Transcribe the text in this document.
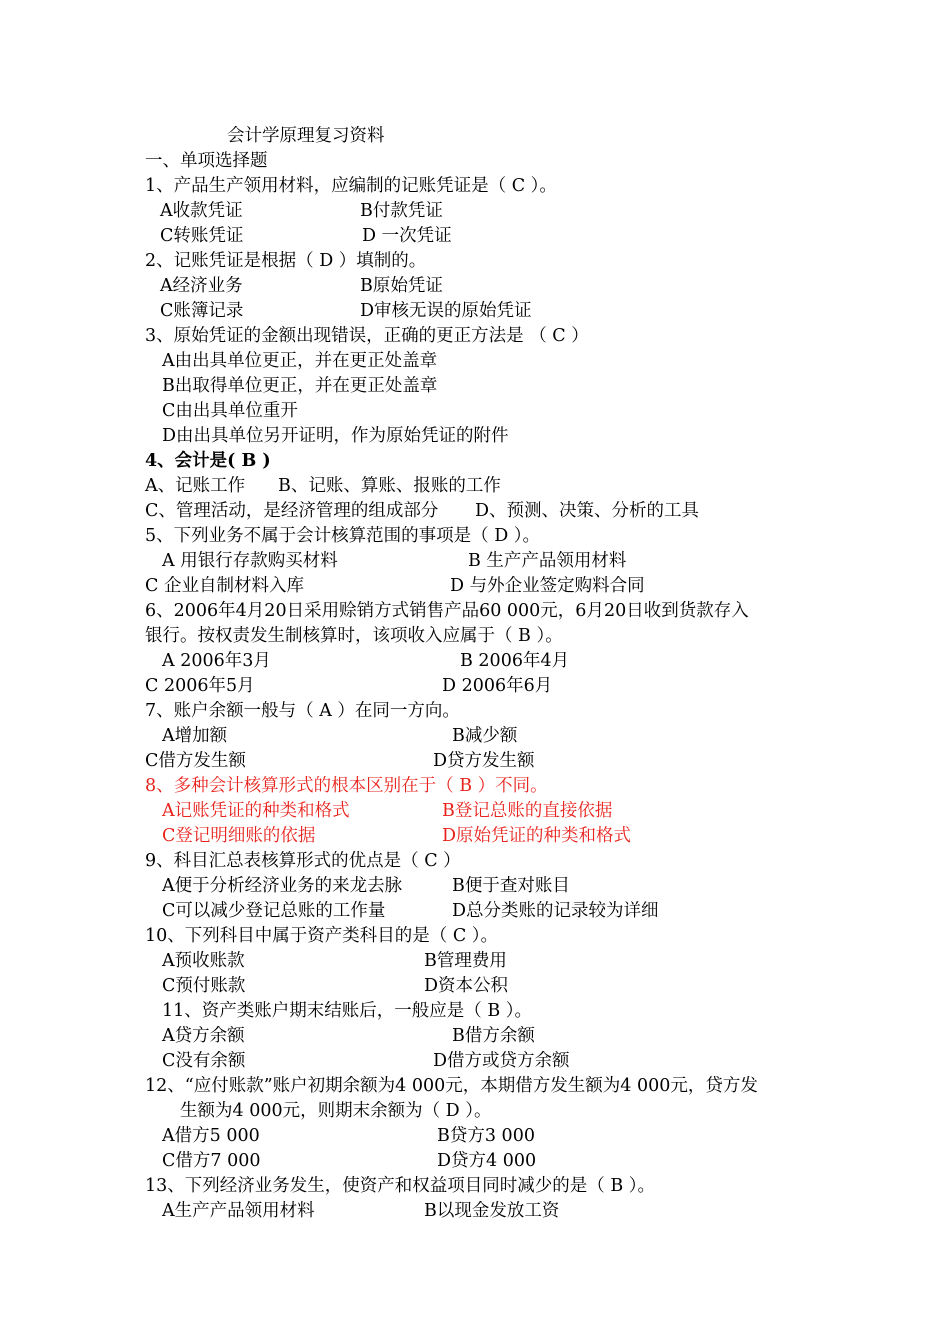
会计学原理复习资料
一、单项选择题
1、产品生产领用材料，应编制的记账凭证是（ C ）。
A收款凭证	B付款凭证
C转账凭证	D 一次凭证
2、记账凭证是根据（ D ）填制的。
A经济业务	B原始凭证
C账簿记录	D审核无误的原始凭证
3、原始凭证的金额出现错误，正确的更正方法是 （ C ）
A由出具单位更正，并在更正处盖章
B出取得单位更正，并在更正处盖章
C由出具单位重开
D由出具单位另开证明，作为原始凭证的附件
4、会计是( B )
A、记账工作 B、记账、算账、报账的工作
C、管理活动，是经济管理的组成部分 D、预测、决策、分析的工具
5、下列业务不属于会计核算范围的事项是（ D ）。
A 用银行存款购买材料	B 生产产品领用材料
C 企业自制材料入库	D 与外企业签定购料合同
6、2006年4月20日采用赊销方式销售产品60 000元，6月20日收到货款存入
银行。按权责发生制核算时，该项收入应属于（ B ）。
A 2006年3月	B 2006年4月
C 2006年5月	D 2006年6月
7、账户余额一般与（ A ）在同一方向。
A增加额	B减少额
C借方发生额	D贷方发生额
8、多种会计核算形式的根本区别在于（ B ）不同。
A记账凭证的种类和格式	B登记总账的直接依据
C登记明细账的依据	D原始凭证的种类和格式
9、科目汇总表核算形式的优点是（ C ）
A便于分析经济业务的来龙去脉	B便于查对账目
C可以减少登记总账的工作量	D总分类账的记录较为详细
10、下列科目中属于资产类科目的是（ C ）。
A预收账款	B管理费用
C预付账款	D资本公积
11、资产类账户期末结账后，一般应是（ B ）。
A贷方余额	B借方余额
C没有余额	D借方或贷方余额
12、“应付账款”账户初期余额为4 000元，本期借方发生额为4 000元，贷方发
生额为4 000元，则期末余额为（ D ）。
A借方5 000	B贷方3 000
C借方7 000	D贷方4 000
13、下列经济业务发生，使资产和权益项目同时减少的是（ B ）。
A生产产品领用材料	B以现金发放工资
